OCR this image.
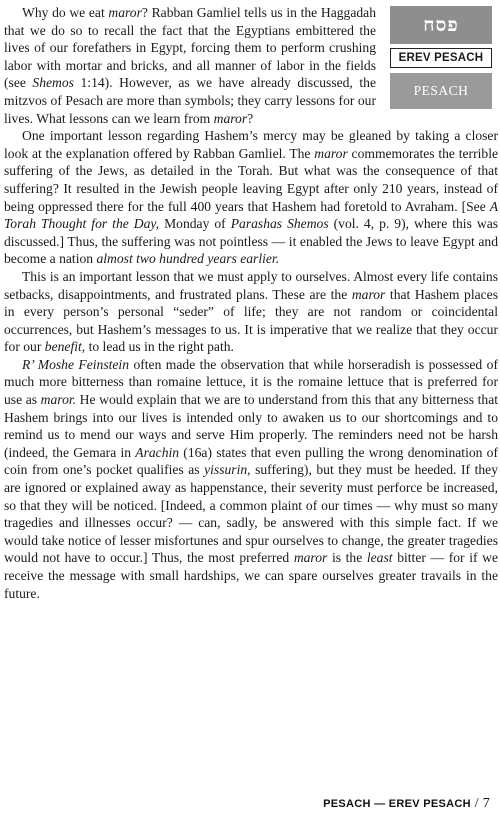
פסח
EREV PESACH
PESACH

Why do we eat maror? Rabban Gamliel tells us in the Haggadah that we do so to recall the fact that the Egyptians embittered the lives of our forefathers in Egypt, forcing them to perform crushing labor with mortar and bricks, and all manner of labor in the fields (see Shemos 1:14). However, as we have already discussed, the mitzvos of Pesach are more than symbols; they carry lessons for our lives. What lessons can we learn from maror?

One important lesson regarding Hashem’s mercy may be gleaned by taking a closer look at the explanation offered by Rabban Gamliel. The maror commemorates the terrible suffering of the Jews, as detailed in the Torah. But what was the consequence of that suffering? It resulted in the Jewish people leaving Egypt after only 210 years, instead of being oppressed there for the full 400 years that Hashem had foretold to Avraham. [See A Torah Thought for the Day, Monday of Parashas Shemos (vol. 4, p. 9), where this was discussed.] Thus, the suffering was not pointless — it enabled the Jews to leave Egypt and become a nation almost two hundred years earlier.

This is an important lesson that we must apply to ourselves. Almost every life contains setbacks, disappointments, and frustrated plans. These are the maror that Hashem places in every person’s personal “seder” of life; they are not random or coincidental occurrences, but Hashem’s messages to us. It is imperative that we realize that they occur for our benefit, to lead us in the right path.

R’ Moshe Feinstein often made the observation that while horseradish is possessed of much more bitterness than romaine lettuce, it is the romaine lettuce that is preferred for use as maror. He would explain that we are to understand from this that any bitterness that Hashem brings into our lives is intended only to awaken us to our shortcomings and to remind us to mend our ways and serve Him properly. The reminders need not be harsh (indeed, the Gemara in Arachin (16a) states that even pulling the wrong denomination of coin from one’s pocket qualifies as yissurin, suffering), but they must be heeded. If they are ignored or explained away as happenstance, their severity must perforce be increased, so that they will be noticed. [Indeed, a common plaint of our times — why must so many tragedies and illnesses occur? — can, sadly, be answered with this simple fact. If we would take notice of lesser misfortunes and spur ourselves to change, the greater tragedies would not have to occur.] Thus, the most preferred maror is the least bitter — for if we receive the message with small hardships, we can spare ourselves greater travails in the future.

PESACH — EREV PESACH / 7
